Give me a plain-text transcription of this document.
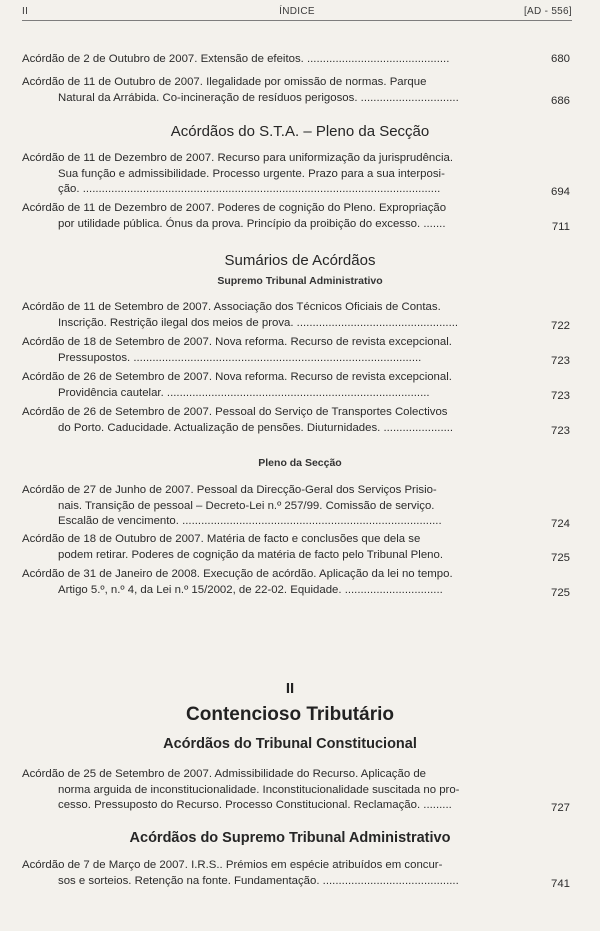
II	ÍNDICE	[AD - 556]
Acórdão de 2 de Outubro de 2007. Extensão de efeitos. .............................................	680
Acórdão de 11 de Outubro de 2007. Ilegalidade por omissão de normas. Parque
Natural da Arrábida. Co-incineração de resíduos perigosos. ...............................	686
Acórdãos do S.T.A. – Pleno da Secção
Acórdão de 11 de Dezembro de 2007. Recurso para uniformização da jurisprudência.
Sua função e admissibilidade. Processo urgente. Prazo para a sua interposi-
ção. .................................................................................................................	694
Acórdão de 11 de Dezembro de 2007. Poderes de cognição do Pleno. Expropriação
por utilidade pública. Ónus da prova. Princípio da proibição do excesso. .......	711
Sumários de Acórdãos
Supremo Tribunal Administrativo
Acórdão de 11 de Setembro de 2007. Associação dos Técnicos Oficiais de Contas.
Inscrição. Restrição ilegal dos meios de prova. ...................................................	722
Acórdão de 18 de Setembro de 2007. Nova reforma. Recurso de revista excepcional.
Pressupostos. ...........................................................................................	723
Acórdão de 26 de Setembro de 2007. Nova reforma. Recurso de revista excepcional.
Providência cautelar. ...................................................................................	723
Acórdão de 26 de Setembro de 2007. Pessoal do Serviço de Transportes Colectivos
do Porto. Caducidade. Actualização de pensões. Diuturnidades. ......................	723
Pleno da Secção
Acórdão de 27 de Junho de 2007. Pessoal da Direcção-Geral dos Serviços Prisio-
nais. Transição de pessoal – Decreto-Lei n.º 257/99. Comissão de serviço.
Escalão de vencimento. ..................................................................................	724
Acórdão de 18 de Outubro de 2007. Matéria de facto e conclusões que dela se
podem retirar. Poderes de cognição da matéria de facto pelo Tribunal Pleno.	725
Acórdão de 31 de Janeiro de 2008. Execução de acórdão. Aplicação da lei no tempo.
Artigo 5.º, n.º 4, da Lei n.º 15/2002, de 22-02. Equidade. ...............................	725
II
Contencioso Tributário
Acórdãos do Tribunal Constitucional
Acórdão de 25 de Setembro de 2007. Admissibilidade do Recurso. Aplicação de
norma arguida de inconstitucionalidade. Inconstitucionalidade suscitada no pro-
cesso. Pressuposto do Recurso. Processo Constitucional. Reclamação. .........	727
Acórdãos do Supremo Tribunal Administrativo
Acórdão de 7 de Março de 2007. I.R.S.. Prémios em espécie atribuídos em concur-
sos e sorteios. Retenção na fonte. Fundamentação. ...........................................	741
